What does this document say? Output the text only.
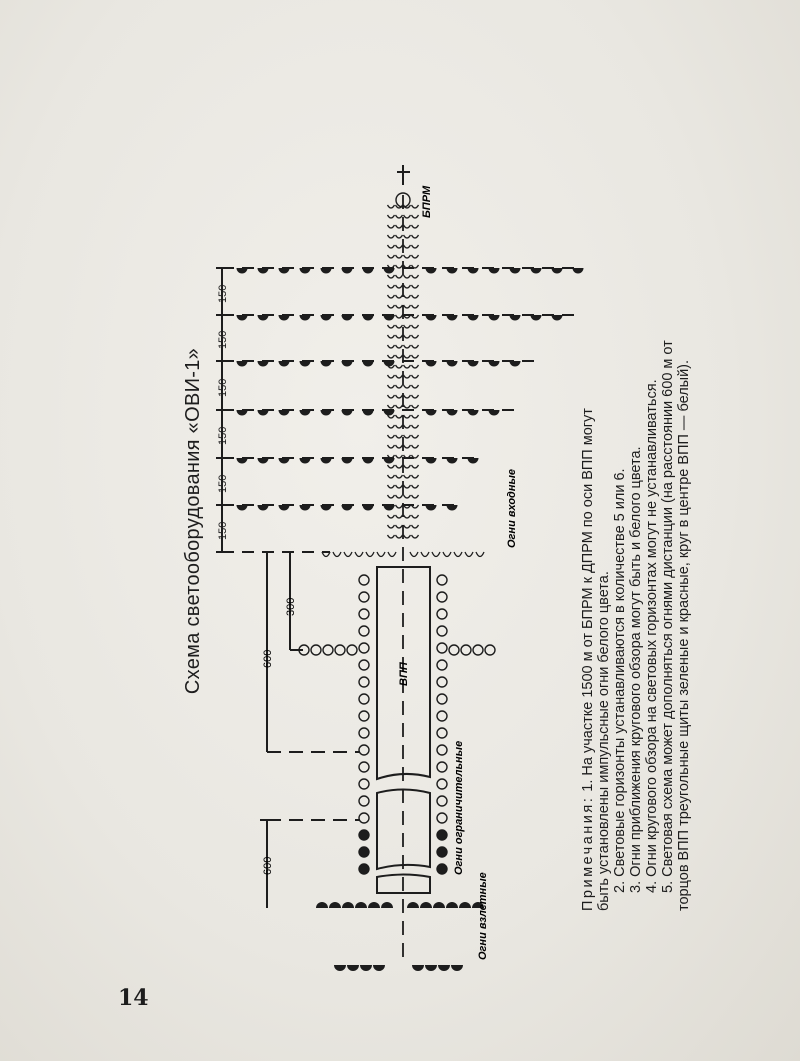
ВПП
Огни входные
Огни ограничительные
Огни взлетные
БПРМ
150
150
150
150
150
150
300
600
600
Схема светооборудования «ОВИ-1»
Примечания: 1. На участке 1500 м от БПРМ к ДПРМ по оси ВПП могут быть установлены импульсные огни белого цвета. 2. Световые горизонты устанавливаются в количестве 5 или 6. 3. Огни приближения кругового обзора могут быть и белого цвета. 4. Огни кругового обзора на световых горизонтах могут не устанавливаться. 5. Световая схема может дополняться огнями дистанции (на расстоянии 600 м от торцов ВПП треугольные щиты зеленые и красные, круг в центре ВПП — белый).
14
